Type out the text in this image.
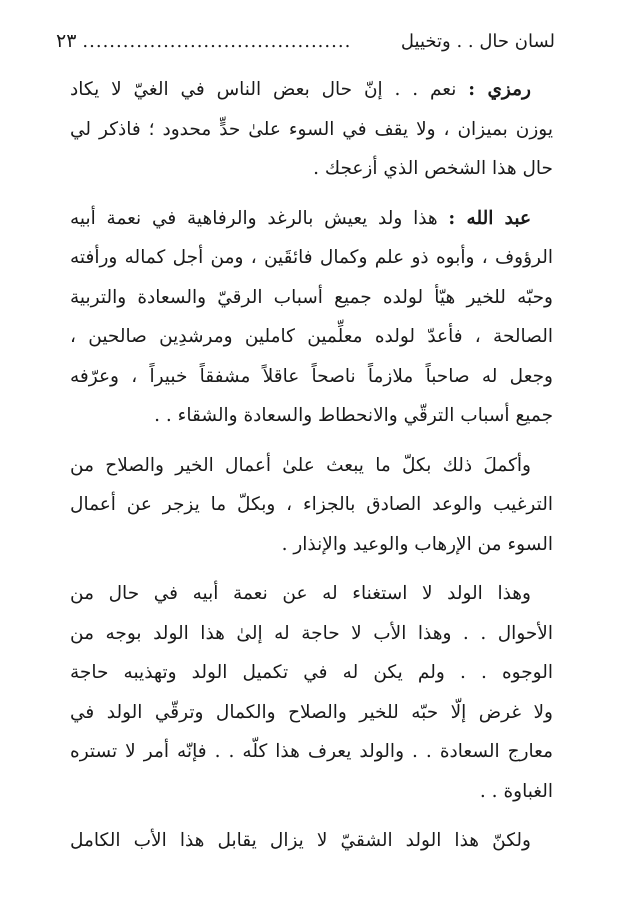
لسان حال . . وتخييل
........................................
٢٣
رمزي : نعم . . إنّ حال بعض الناس في الغيّ لا يكاد
يوزن بميزان ، ولا يقف في السوء علىٰ حدٍّ محدود ؛ فاذكر لي
حال هذا الشخص الذي أزعجك .
عبد الله : هذا ولد يعيش بالرغد والرفاهية في نعمة أبيه
الرؤوف ، وأبوه ذو علم وكمال فائقَين ، ومن أجل كماله ورأفته
وحبّه للخير هيّأ لولده جميع أسباب الرقيّ والسعادة والتربية
الصالحة ، فأعدّ لولده معلِّمين كاملين ومرشدِين صالحين ،
وجعل له صاحباً ملازماً ناصحاً عاقلاً مشفقاً خبيراً ، وعرّفه
جميع أسباب الترقّي والانحطاط والسعادة والشقاء . .
وأكملَ ذلك بكلّ ما يبعث علىٰ أعمال الخير والصلاح من
الترغيب والوعد الصادق بالجزاء ، وبكلّ ما يزجر عن أعمال
السوء من الإرهاب والوعيد والإنذار .
وهذا الولد لا استغناء له عن نعمة أبيه في حال من
الأحوال . . وهذا الأب لا حاجة له إلىٰ هذا الولد بوجه من
الوجوه . . ولم يكن له في تكميل الولد وتهذيبه حاجة
ولا غرض إلّا حبّه للخير والصلاح والكمال وترقّي الولد في
معارج السعادة . . والولد يعرف هذا كلّه . . فإنّه أمر لا تستره
الغباوة . .
ولكنّ هذا الولد الشقيّ لا يزال يقابل هذا الأب الكامل
